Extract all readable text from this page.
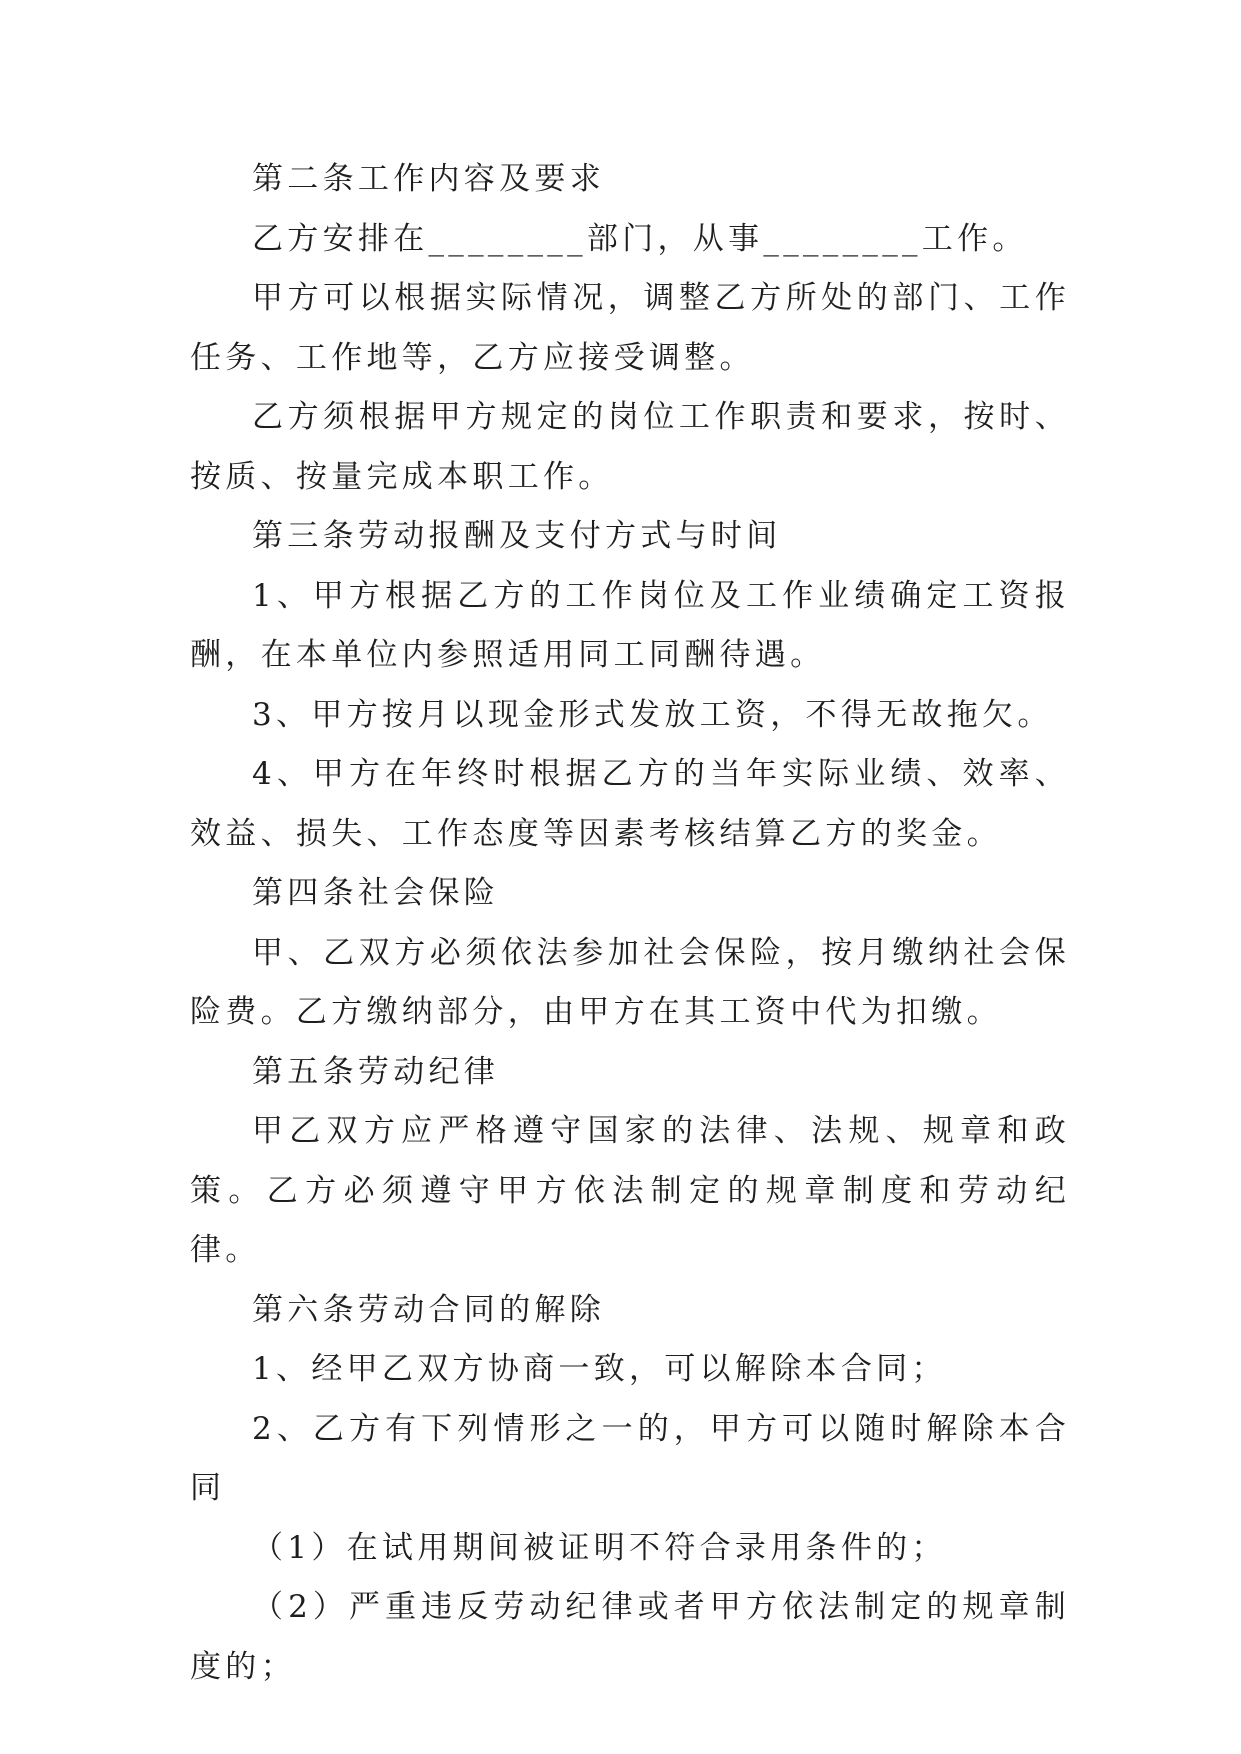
第二条工作内容及要求

乙方安排在________部门，从事________工作。

甲方可以根据实际情况，调整乙方所处的部门、工作任务、工作地等，乙方应接受调整。

乙方须根据甲方规定的岗位工作职责和要求，按时、按质、按量完成本职工作。

第三条劳动报酬及支付方式与时间

1、甲方根据乙方的工作岗位及工作业绩确定工资报酬，在本单位内参照适用同工同酬待遇。

3、甲方按月以现金形式发放工资，不得无故拖欠。

4、甲方在年终时根据乙方的当年实际业绩、效率、效益、损失、工作态度等因素考核结算乙方的奖金。

第四条社会保险

甲、乙双方必须依法参加社会保险，按月缴纳社会保险费。乙方缴纳部分，由甲方在其工资中代为扣缴。

第五条劳动纪律

甲乙双方应严格遵守国家的法律、法规、规章和政策。乙方必须遵守甲方依法制定的规章制度和劳动纪律。

第六条劳动合同的解除

1、经甲乙双方协商一致，可以解除本合同；

2、乙方有下列情形之一的，甲方可以随时解除本合同

（1）在试用期间被证明不符合录用条件的；

（2）严重违反劳动纪律或者甲方依法制定的规章制度的；
